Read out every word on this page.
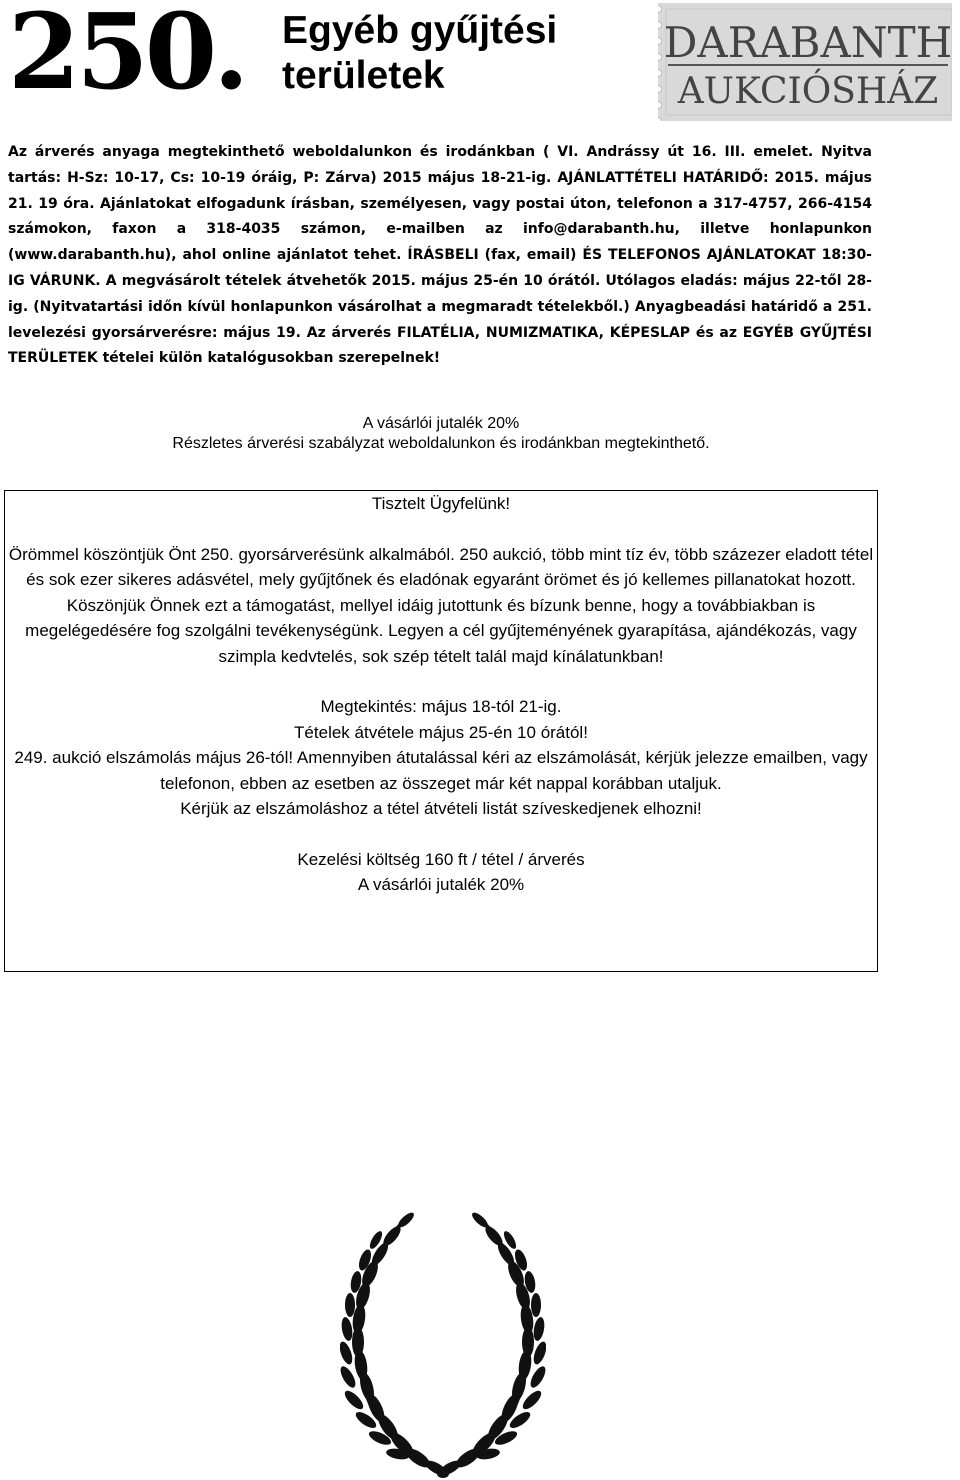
250. Egyéb gyűjtési
területek
DARABANTH
AUKCIÓSHÁZ
Az árverés anyaga megtekinthető weboldalunkon és irodánkban ( VI. Andrássy út 16. III. emelet. Nyitva tartás: H-Sz: 10-17, Cs: 10-19 óráig, P: Zárva) 2015 május 18-21-ig. AJÁNLATTÉTELI HATÁRIDŐ: 2015. május 21. 19 óra. Ajánlatokat elfogadunk írásban, személyesen, vagy postai úton, telefonon a 317-4757, 266-4154 számokon, faxon a 318-4035 számon, e-mailben az info@darabanth.hu, illetve honlapunkon (www.darabanth.hu), ahol online ajánlatot tehet. ÍRÁSBELI (fax, email) ÉS TELEFONOS AJÁNLATOKAT 18:30-IG VÁRUNK. A megvásárolt tételek átvehetők 2015. május 25-én 10 órától. Utólagos eladás: május 22-től 28-ig. (Nyitvatartási időn kívül honlapunkon vásárolhat a megmaradt tételekből.) Anyagbeadási határidő a 251. levelezési gyorsárverésre: május 19. Az árverés FILATÉLIA, NUMIZMATIKA, KÉPESLAP és az EGYÉB GYŰJTÉSI TERÜLETEK tételei külön katalógusokban szerepelnek!
A vásárlói jutalék 20%
Részletes árverési szabályzat weboldalunkon és irodánkban megtekinthető.

Tisztelt Ügyfelünk!

Örömmel köszöntjük Önt 250. gyorsárverésünk alkalmából. 250 aukció, több mint tíz év, több százezer eladott tétel és sok ezer sikeres adásvétel, mely gyűjtőnek és eladónak egyaránt örömet és jó kellemes pillanatokat hozott.

Köszönjük Önnek ezt a támogatást, mellyel idáig jutottunk és bízunk benne, hogy a továbbiakban is megelégedésére fog szolgálni tevékenységünk. Legyen a cél gyűjteményének gyarapítása, ajándékozás, vagy szimpla kedvtelés, sok szép tételt talál majd kínálatunkban!

Megtekintés: május 18-tól 21-ig.

Tételek átvétele május 25-én 10 órától!

249. aukció elszámolás május 26-tól! Amennyiben átutalással kéri az elszámolását, kérjük jelezze emailben, vagy telefonon, ebben az esetben az összeget már két nappal korábban utaljuk.

Kérjük az elszámoláshoz a tétel átvételi listát szíveskedjenek elhozni!

Kezelési költség 160 ft / tétel / árverés

A vásárlói jutalék 20%
